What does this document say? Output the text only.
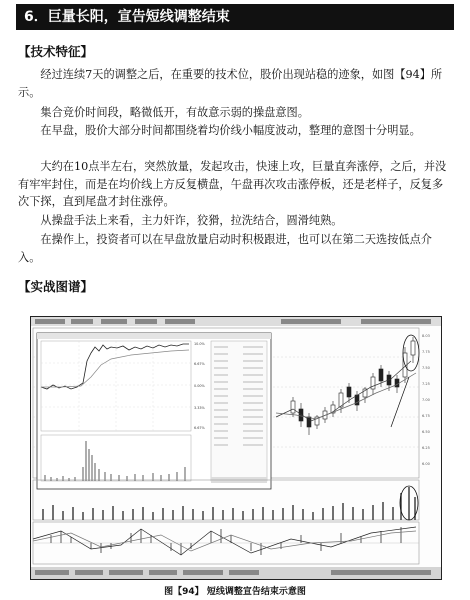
6．巨量长阳，宣告短线调整结束
【技术特征】

经过连续7天的调整之后，在重要的技术位，股价出现站稳的迹象，如图【94】所示。

集合竞价时间段，略微低开，有故意示弱的操盘意图。

在早盘，股价大部分时间都围绕着均价线小幅度波动，整理的意图十分明显。

大约在10点半左右，突然放量，发起攻击，快速上攻，巨量直奔涨停，之后，并没有牢牢封住，而是在均价线上方反复横盘，午盘再次攻击涨停板，还是老样子，反复多次下探，直到尾盘才封住涨停。

从操盘手法上来看，主力奸诈，狡猾，拉洗结合，圆滑纯熟。

在操作上，投资者可以在早盘放量启动时积极跟进，也可以在第二天选按低点介入。

【实战图谱】
8.03
7.75
7.50
7.25
7.00
6.75
6.50
6.25
6.00
10.0%
6.67%
0.00%
3.33%
6.67%
图【94】 短线调整宣告结束示意图
